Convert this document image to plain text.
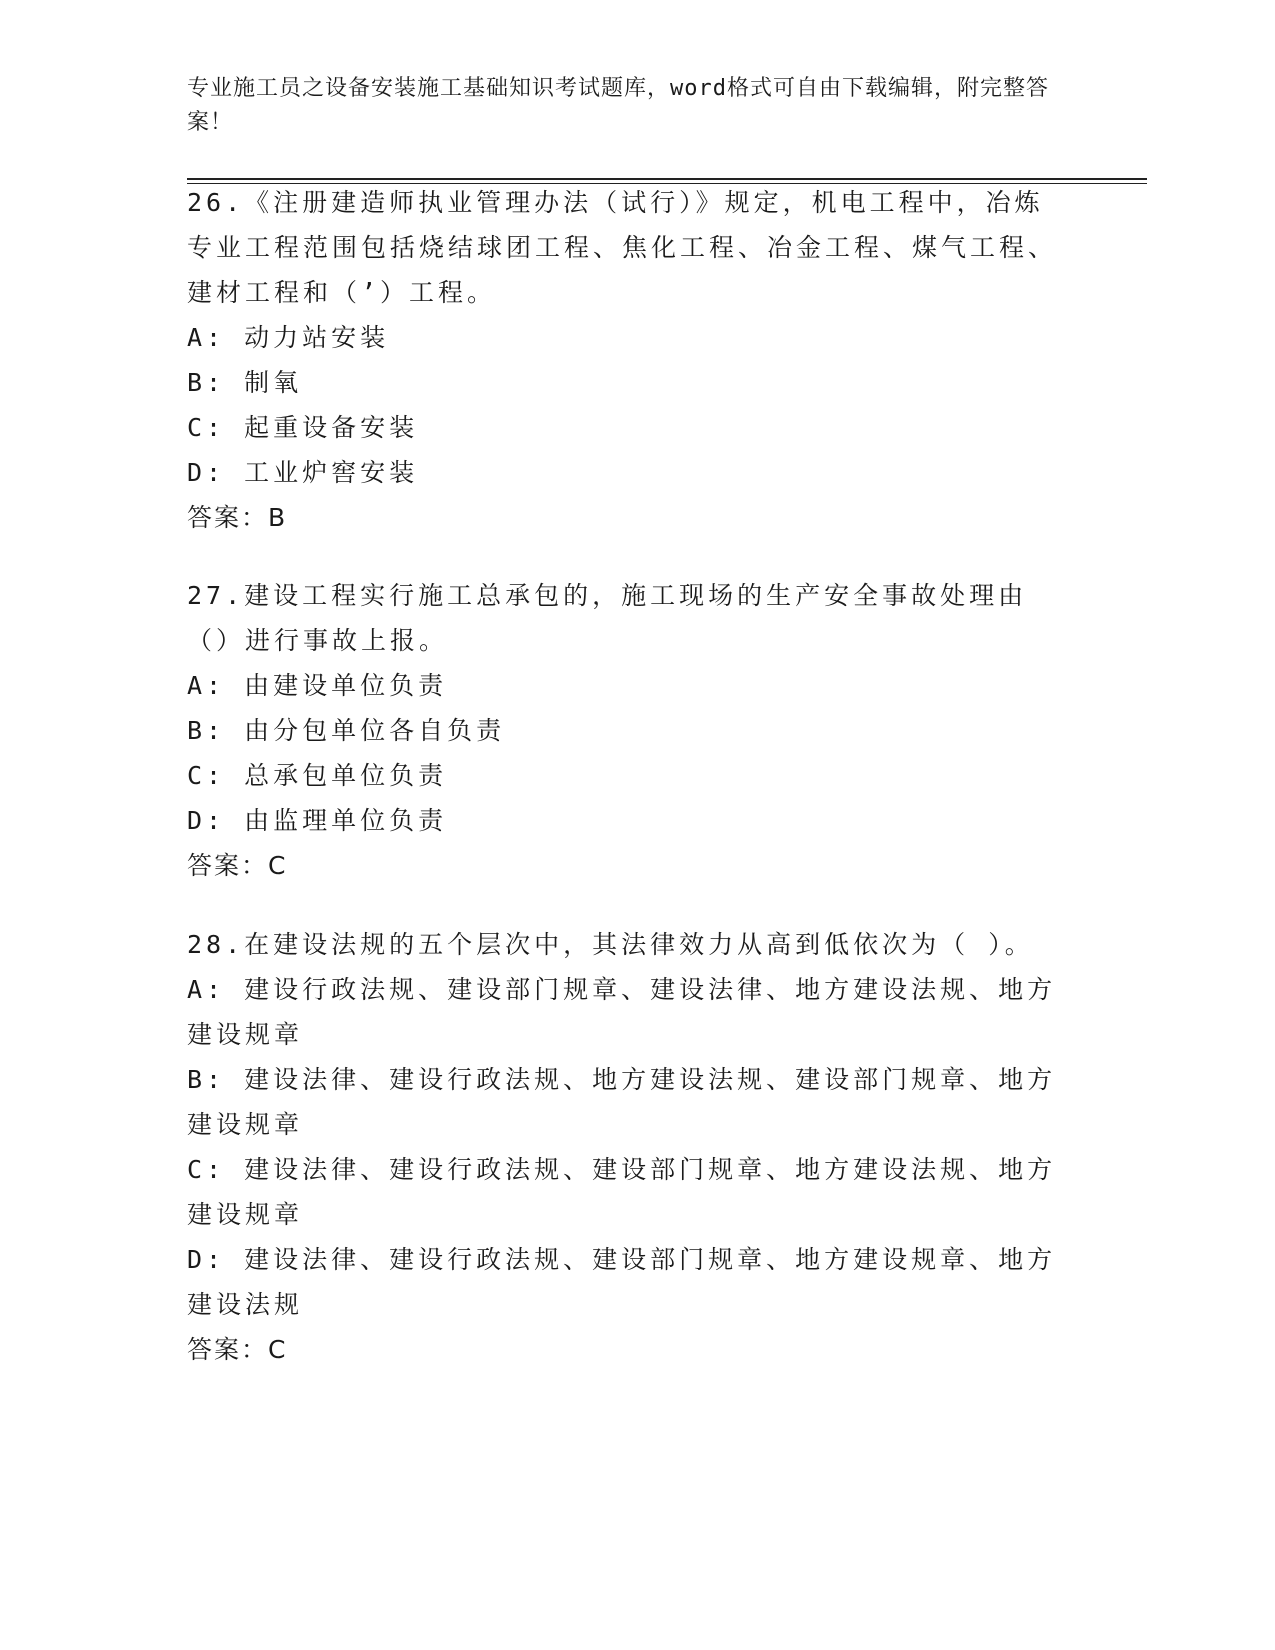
专业施工员之设备安装施工基础知识考试题库，word格式可自由下载编辑，附完整答案！

26.《注册建造师执业管理办法（试行）》规定，机电工程中，冶炼专业工程范围包括烧结球团工程、焦化工程、冶金工程、煤气工程、建材工程和（’）工程。

A: 动力站安装

B: 制氧

C: 起重设备安装

D: 工业炉窖安装

答案：B

27.建设工程实行施工总承包的，施工现场的生产安全事故处理由（）进行事故上报。

A: 由建设单位负责

B: 由分包单位各自负责

C: 总承包单位负责

D: 由监理单位负责

答案：C

28.在建设法规的五个层次中，其法律效力从高到低依次为（ ）。

A: 建设行政法规、建设部门规章、建设法律、地方建设法规、地方建设规章

B: 建设法律、建设行政法规、地方建设法规、建设部门规章、地方建设规章

C: 建设法律、建设行政法规、建设部门规章、地方建设法规、地方建设规章

D: 建设法律、建设行政法规、建设部门规章、地方建设规章、地方建设法规

答案：C
